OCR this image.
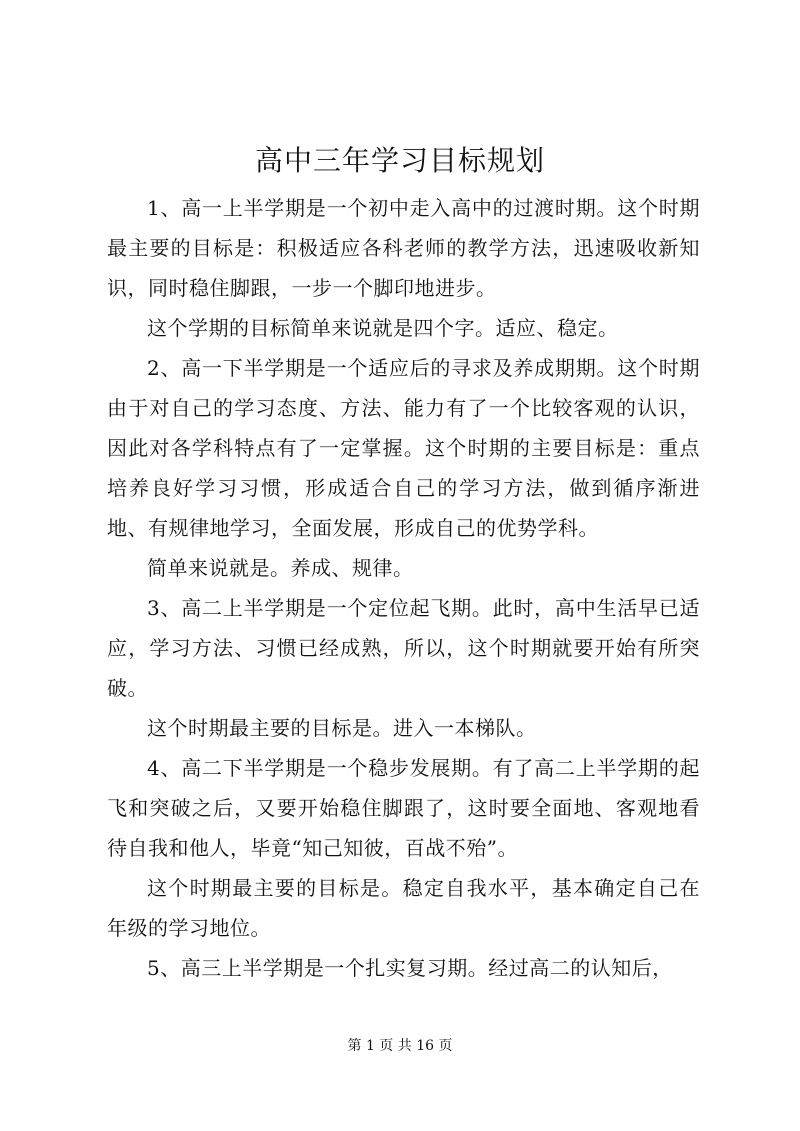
高中三年学习目标规划

1、高一上半学期是一个初中走入高中的过渡时期。这个时期最主要的目标是：积极适应各科老师的教学方法，迅速吸收新知识，同时稳住脚跟，一步一个脚印地进步。

这个学期的目标简单来说就是四个字。适应、稳定。

2、高一下半学期是一个适应后的寻求及养成期期。这个时期由于对自己的学习态度、方法、能力有了一个比较客观的认识，因此对各学科特点有了一定掌握。这个时期的主要目标是：重点培养良好学习习惯，形成适合自己的学习方法，做到循序渐进地、有规律地学习，全面发展，形成自己的优势学科。

简单来说就是。养成、规律。

3、高二上半学期是一个定位起飞期。此时，高中生活早已适应，学习方法、习惯已经成熟，所以，这个时期就要开始有所突破。

这个时期最主要的目标是。进入一本梯队。

4、高二下半学期是一个稳步发展期。有了高二上半学期的起飞和突破之后，又要开始稳住脚跟了，这时要全面地、客观地看待自我和他人，毕竟“知己知彼，百战不殆”。

这个时期最主要的目标是。稳定自我水平，基本确定自己在年级的学习地位。

5、高三上半学期是一个扎实复习期。经过高二的认知后，

第 1 页 共 16 页
